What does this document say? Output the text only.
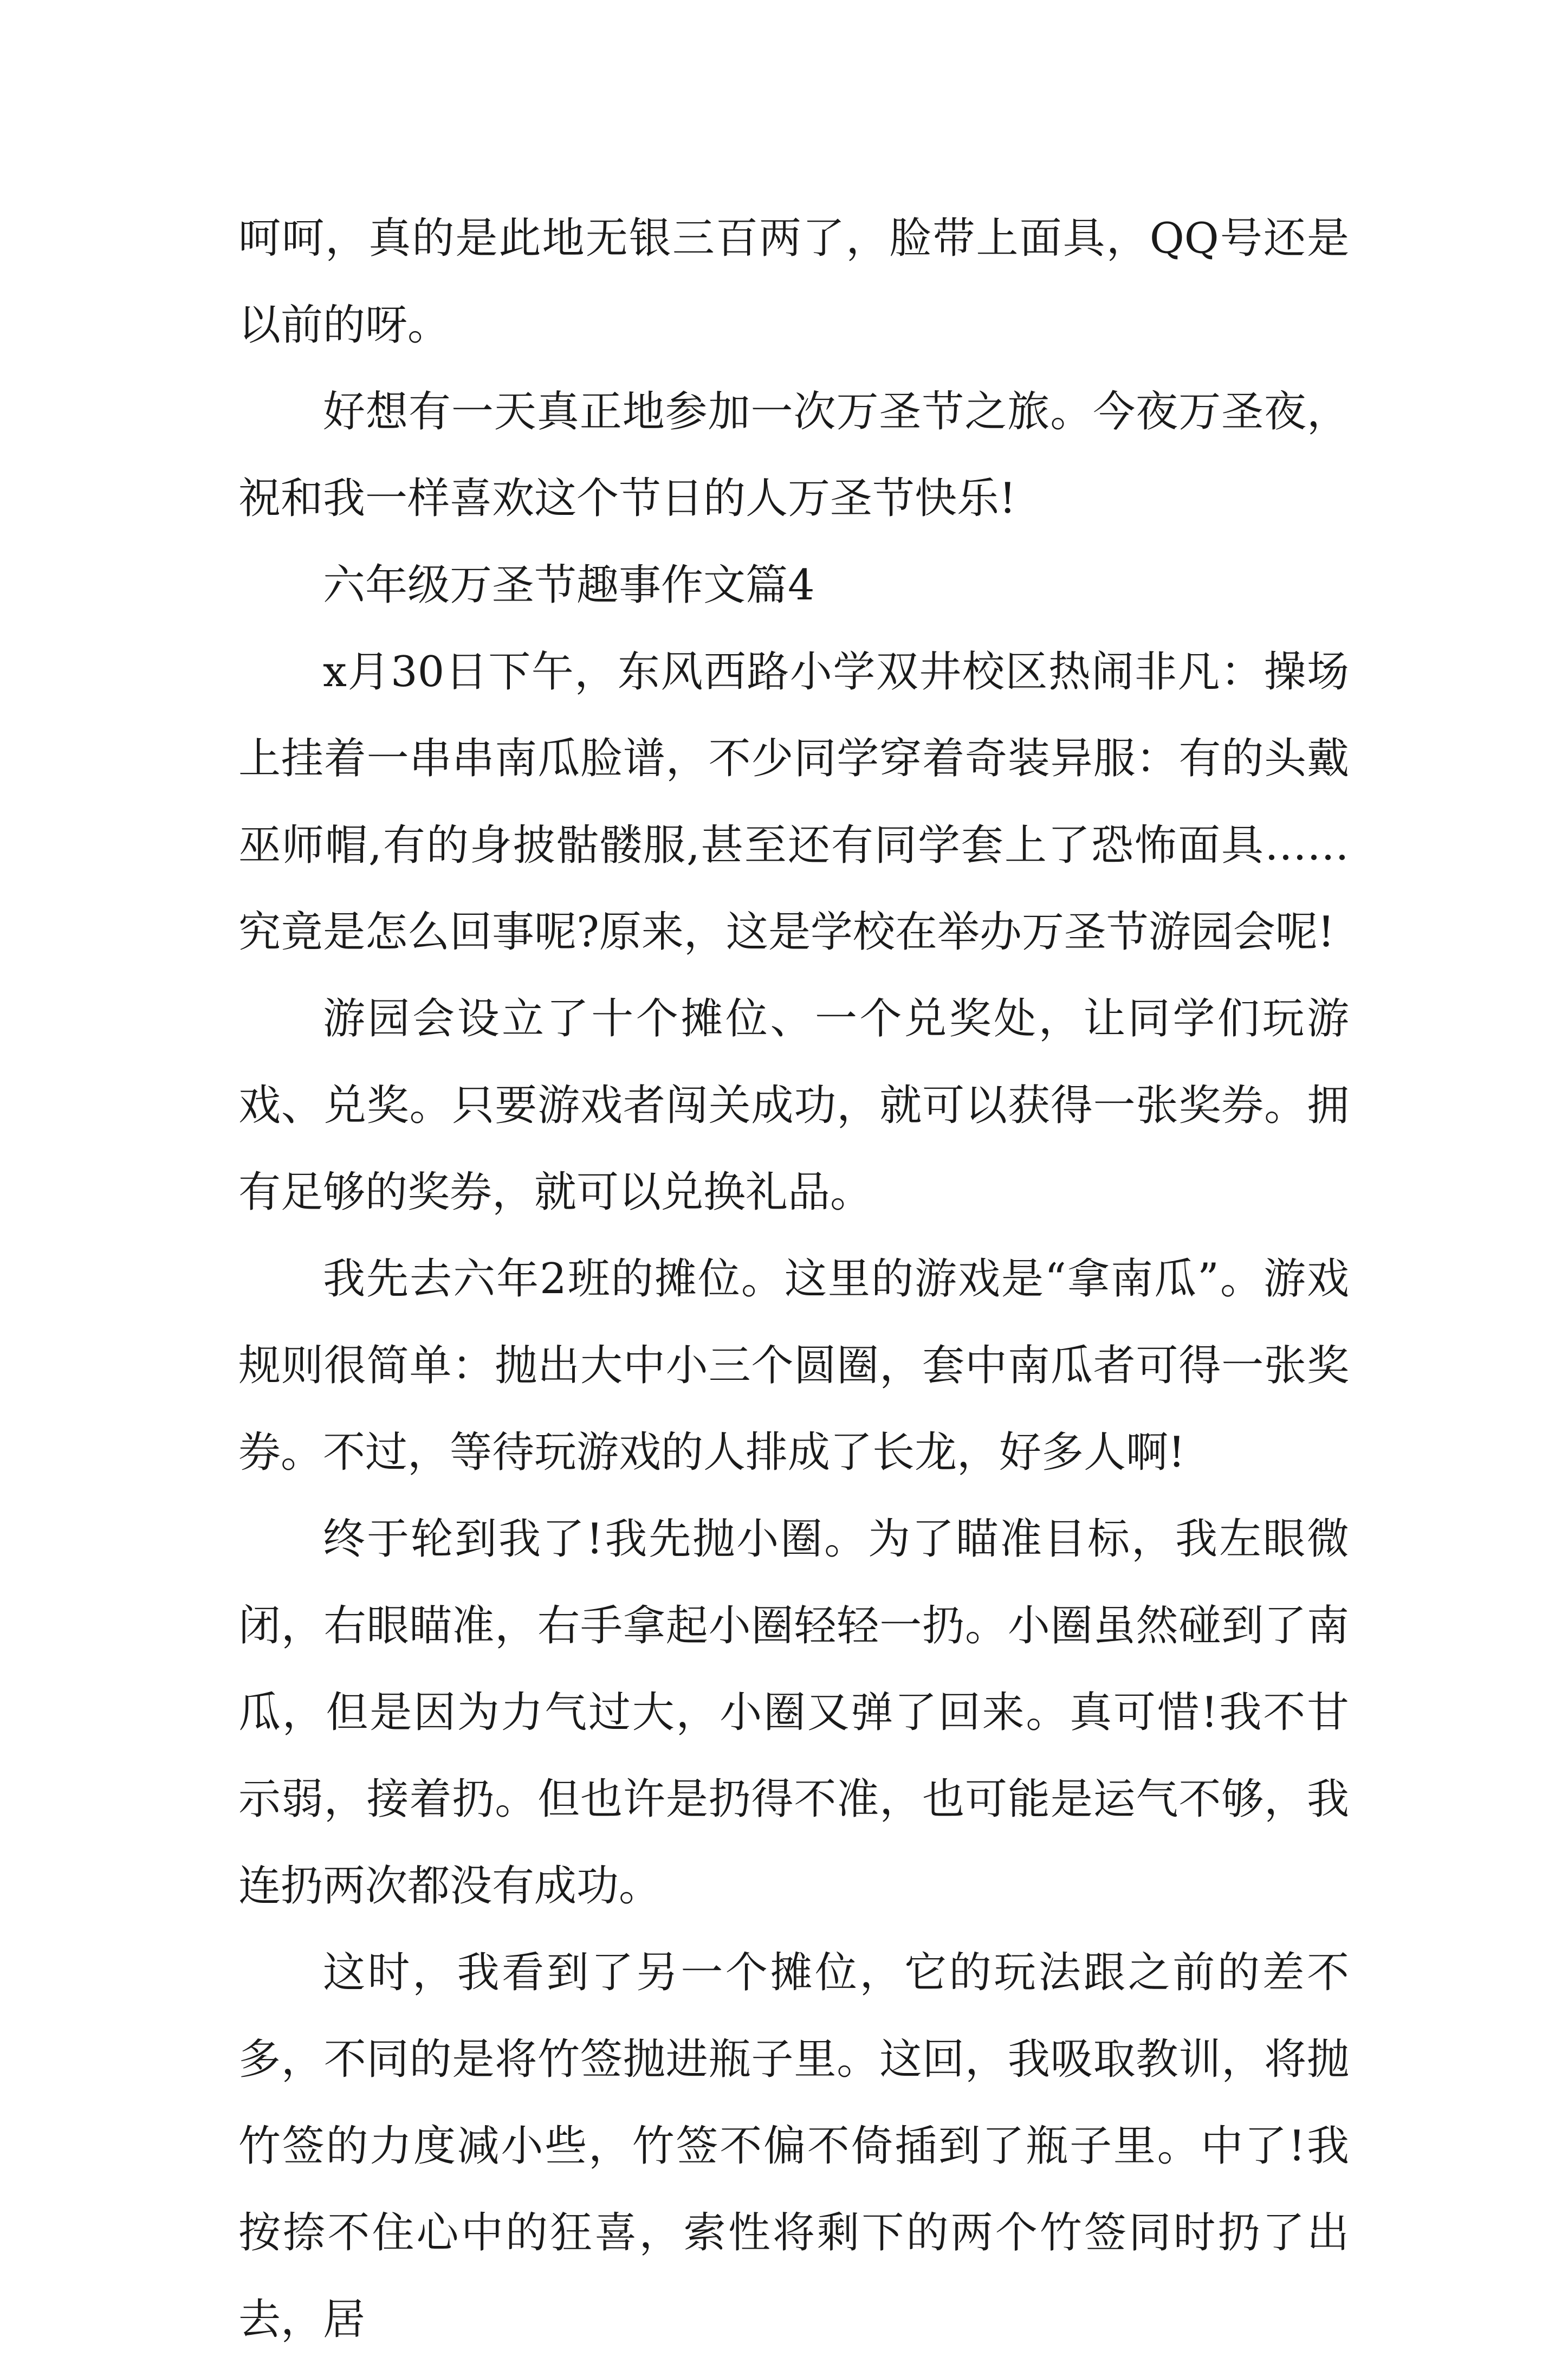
呵呵，真的是此地无银三百两了，脸带上面具，QQ号还是以前的呀。

好想有一天真正地参加一次万圣节之旅。今夜万圣夜，祝和我一样喜欢这个节日的人万圣节快乐!

六年级万圣节趣事作文篇4

x月30日下午，东风西路小学双井校区热闹非凡：操场上挂着一串串南瓜脸谱，不少同学穿着奇装异服：有的头戴巫师帽,有的身披骷髅服,甚至还有同学套上了恐怖面具……究竟是怎么回事呢?原来，这是学校在举办万圣节游园会呢!

游园会设立了十个摊位、一个兑奖处，让同学们玩游戏、兑奖。只要游戏者闯关成功，就可以获得一张奖券。拥有足够的奖券，就可以兑换礼品。

我先去六年2班的摊位。这里的游戏是“拿南瓜”。游戏规则很简单：抛出大中小三个圆圈，套中南瓜者可得一张奖券。不过，等待玩游戏的人排成了长龙，好多人啊!

终于轮到我了!我先抛小圈。为了瞄准目标，我左眼微闭，右眼瞄准，右手拿起小圈轻轻一扔。小圈虽然碰到了南瓜，但是因为力气过大，小圈又弹了回来。真可惜!我不甘示弱，接着扔。但也许是扔得不准，也可能是运气不够，我连扔两次都没有成功。

这时，我看到了另一个摊位，它的玩法跟之前的差不多，不同的是将竹签抛进瓶子里。这回，我吸取教训，将抛竹签的力度减小些，竹签不偏不倚插到了瓶子里。中了!我按捺不住心中的狂喜，索性将剩下的两个竹签同时扔了出去，居
